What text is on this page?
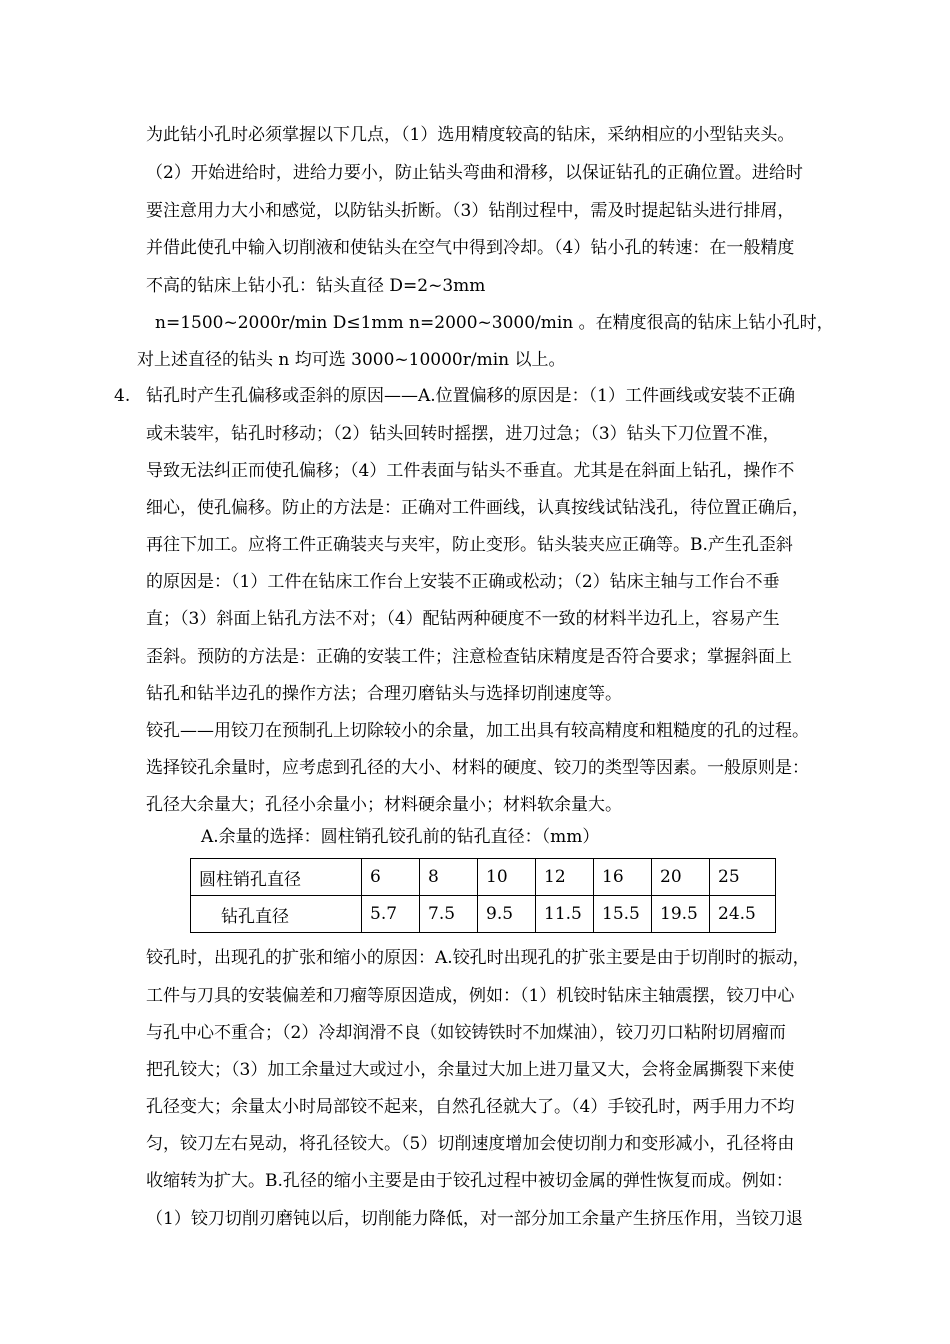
为此钻小孔时必须掌握以下几点，（1）选用精度较高的钻床，采纳相应的小型钻夹头。
（2）开始进给时，进给力要小，防止钻头弯曲和滑移，以保证钻孔的正确位置。进给时
要注意用力大小和感觉，以防钻头折断。（3）钻削过程中，需及时提起钻头进行排屑，
并借此使孔中输入切削液和使钻头在空气中得到冷却。（4）钻小孔的转速：在一般精度
不高的钻床上钻小孔：钻头直径 D=2~3mm
n=1500~2000r/min D≤1mm n=2000~3000/min 。在精度很高的钻床上钻小孔时，
对上述直径的钻头 n 均可选 3000~10000r/min 以上。
4. 钻孔时产生孔偏移或歪斜的原因——A.位置偏移的原因是：（1）工件画线或安装不正确
或未装牢，钻孔时移动；（2）钻头回转时摇摆，进刀过急；（3）钻头下刀位置不准，
导致无法纠正而使孔偏移；（4）工件表面与钻头不垂直。尤其是在斜面上钻孔，操作不
细心，使孔偏移。防止的方法是：正确对工件画线，认真按线试钻浅孔，待位置正确后，
再往下加工。应将工件正确装夹与夹牢，防止变形。钻头装夹应正确等。B.产生孔歪斜
的原因是：（1）工件在钻床工作台上安装不正确或松动；（2）钻床主轴与工作台不垂
直；（3）斜面上钻孔方法不对；（4）配钻两种硬度不一致的材料半边孔上，容易产生
歪斜。预防的方法是：正确的安装工件；注意检查钻床精度是否符合要求；掌握斜面上
钻孔和钻半边孔的操作方法；合理刃磨钻头与选择切削速度等。
铰孔——用铰刀在预制孔上切除较小的余量，加工出具有较高精度和粗糙度的孔的过程。
选择铰孔余量时，应考虑到孔径的大小、材料的硬度、铰刀的类型等因素。一般原则是：
孔径大余量大；孔径小余量小；材料硬余量小；材料软余量大。
A.余量的选择：圆柱销孔铰孔前的钻孔直径：（mm）
圆柱销孔直径	6	8	10	12	16	20	25
钻孔直径	5.7	7.5	9.5	11.5	15.5	19.5	24.5
铰孔时，出现孔的扩张和缩小的原因：A.铰孔时出现孔的扩张主要是由于切削时的振动，
工件与刀具的安装偏差和刀瘤等原因造成，例如：（1）机铰时钻床主轴震摆，铰刀中心
与孔中心不重合；（2）冷却润滑不良（如铰铸铁时不加煤油），铰刀刃口粘附切屑瘤而
把孔铰大；（3）加工余量过大或过小，余量过大加上进刀量又大，会将金属撕裂下来使
孔径变大；余量太小时局部铰不起来，自然孔径就大了。（4）手铰孔时，两手用力不均
匀，铰刀左右晃动，将孔径铰大。（5）切削速度增加会使切削力和变形减小，孔径将由
收缩转为扩大。B.孔径的缩小主要是由于铰孔过程中被切金属的弹性恢复而成。例如：
（1）铰刀切削刃磨钝以后，切削能力降低，对一部分加工余量产生挤压作用，当铰刀退
